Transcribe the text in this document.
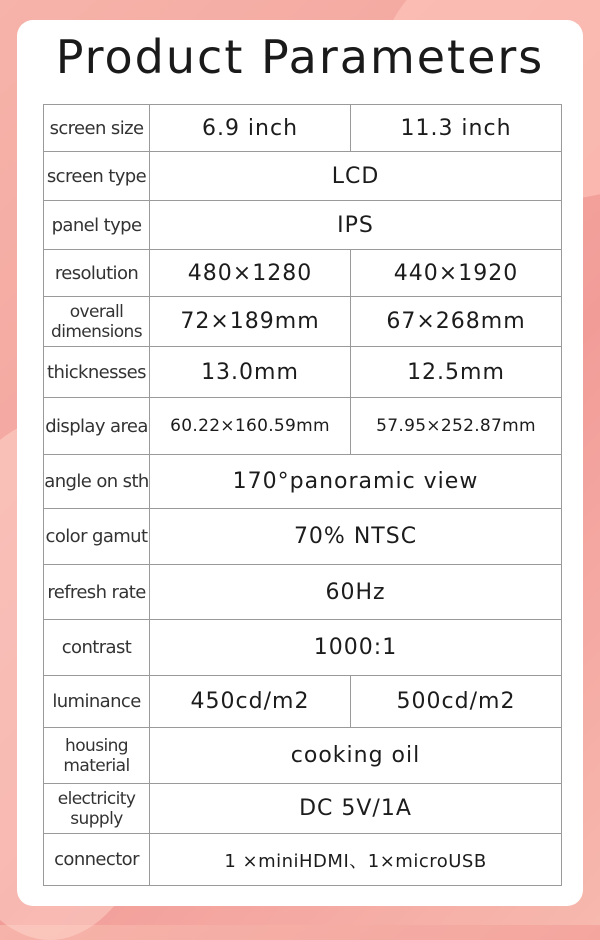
Product Parameters
screen size	6.9 inch	11.3 inch
screen type	LCD	
panel type	IPS	
resolution	480×1280	440×1920

overall
dimensions	72×189mm	67×268mm
thicknesses	13.0mm	12.5mm
display area	60.22×160.59mm	57.95×252.87mm
angle on sth	170°panoramic view	
color gamut	70% NTSC	
refresh rate	60Hz	
contrast	1000:1	
luminance	450cd/m2	500cd/m2

housing
material	cooking oil	

electricity
supply	DC 5V/1A	
connector	1 ×miniHDMI、1×microUSB	
